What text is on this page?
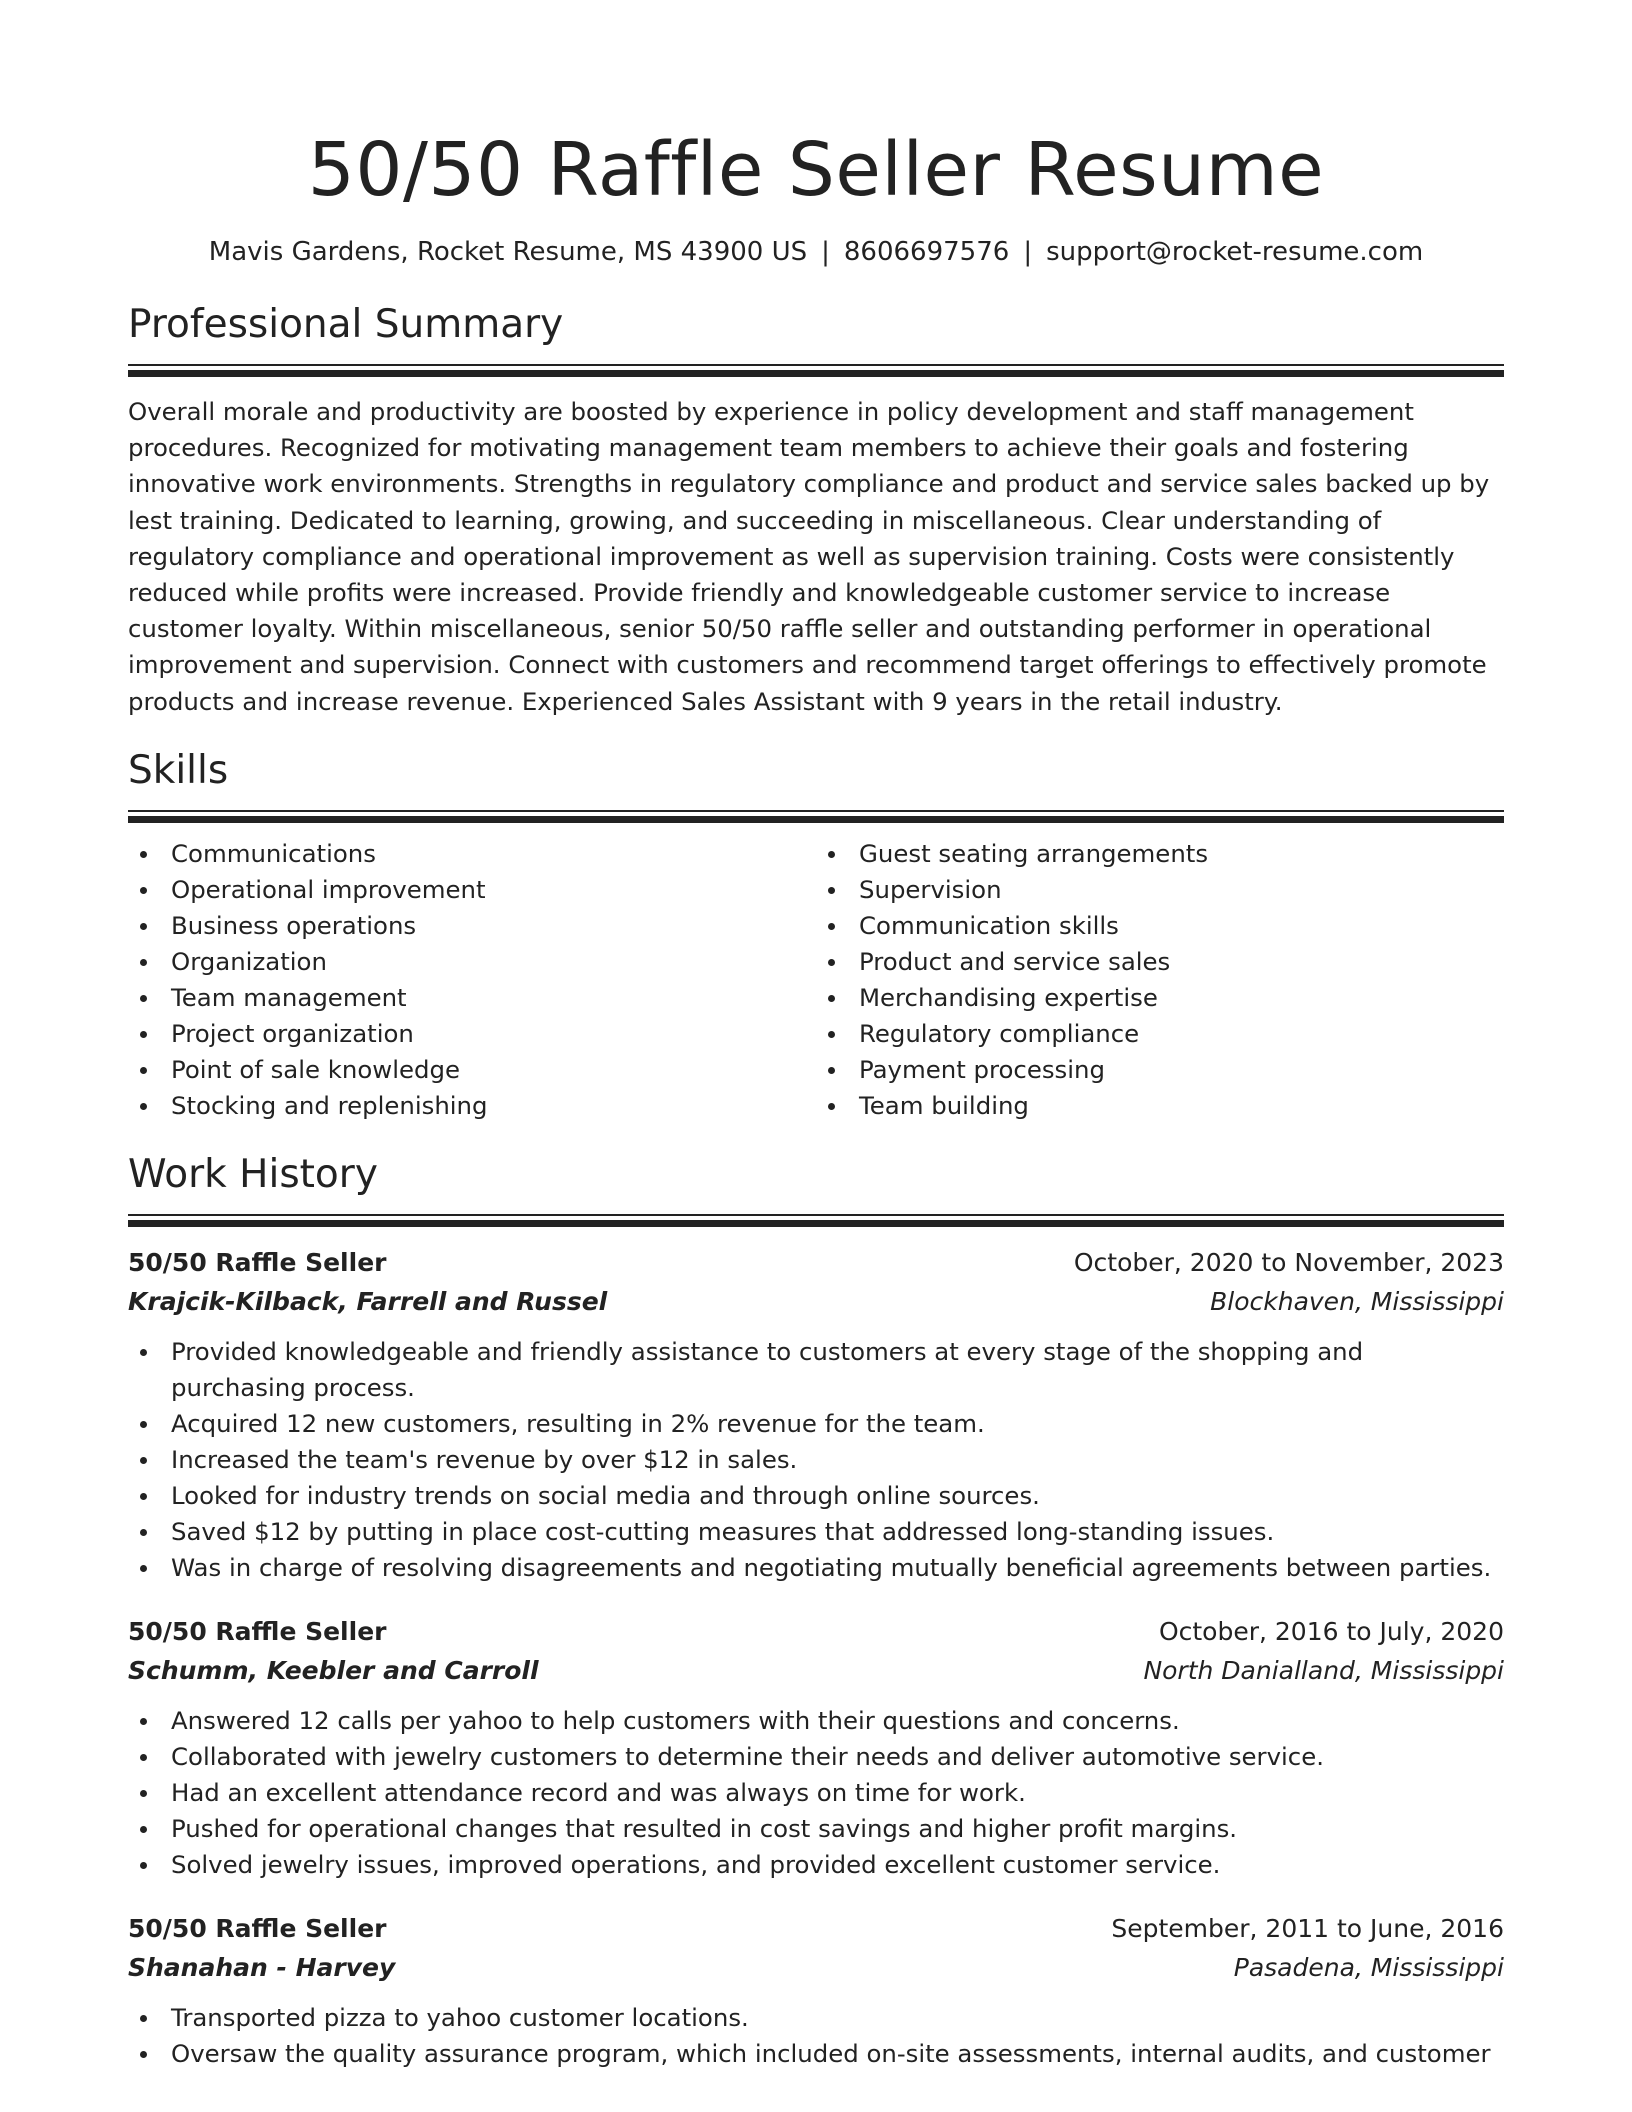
50/50 Raffle Seller Resume
Mavis Gardens, Rocket Resume, MS 43900 US | 8606697576 | support@rocket-resume.com
Professional Summary

Overall morale and productivity are boosted by experience in policy development and staff management procedures. Recognized for motivating management team members to achieve their goals and fostering innovative work environments. Strengths in regulatory compliance and product and service sales backed up by lest training. Dedicated to learning, growing, and succeeding in miscellaneous. Clear understanding of regulatory compliance and operational improvement as well as supervision training. Costs were consistently reduced while profits were increased. Provide friendly and knowledgeable customer service to increase customer loyalty. Within miscellaneous, senior 50/50 raffle seller and outstanding performer in operational improvement and supervision. Connect with customers and recommend target offerings to effectively promote products and increase revenue. Experienced Sales Assistant with 9 years in the retail industry.

Skills
Communications
Operational improvement
Business operations
Organization
Team management
Project organization
Point of sale knowledge
Stocking and replenishing
Guest seating arrangements
Supervision
Communication skills
Product and service sales
Merchandising expertise
Regulatory compliance
Payment processing
Team building
Work History
50/50 Raffle Seller	October, 2020 to November, 2023
Krajcik-Kilback, Farrell and Russel	Blockhaven, Mississippi
Provided knowledgeable and friendly assistance to customers at every stage of the shopping and purchasing process.
Acquired 12 new customers, resulting in 2% revenue for the team.
Increased the team's revenue by over $12 in sales.
Looked for industry trends on social media and through online sources.
Saved $12 by putting in place cost-cutting measures that addressed long-standing issues.
Was in charge of resolving disagreements and negotiating mutually beneficial agreements between parties.
50/50 Raffle Seller	October, 2016 to July, 2020
Schumm, Keebler and Carroll	North Danialland, Mississippi
Answered 12 calls per yahoo to help customers with their questions and concerns.
Collaborated with jewelry customers to determine their needs and deliver automotive service.
Had an excellent attendance record and was always on time for work.
Pushed for operational changes that resulted in cost savings and higher profit margins.
Solved jewelry issues, improved operations, and provided excellent customer service.
50/50 Raffle Seller	September, 2011 to June, 2016
Shanahan - Harvey	Pasadena, Mississippi
Transported pizza to yahoo customer locations.
Oversaw the quality assurance program, which included on-site assessments, internal audits, and customer
